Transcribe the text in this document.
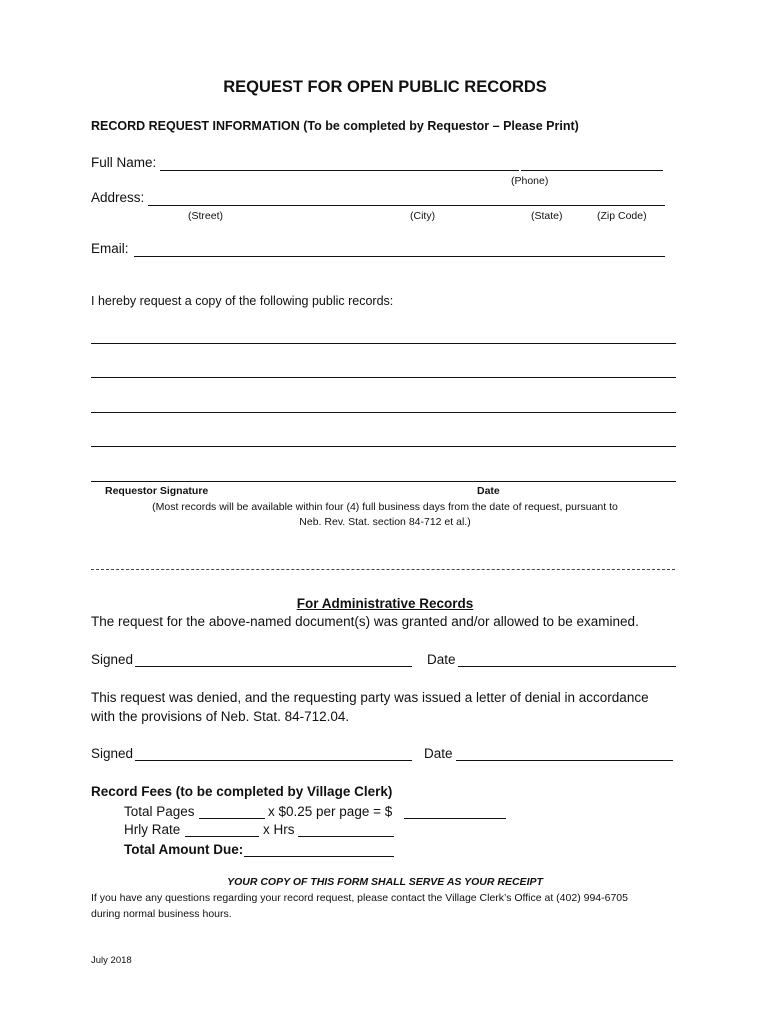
REQUEST FOR OPEN PUBLIC RECORDS
RECORD REQUEST INFORMATION (To be completed by Requestor – Please Print)
Full Name:
(Phone)
Address:
(Street)	(City)	(State)	(Zip Code)
Email:
I hereby request a copy of the following public records:
Requestor Signature	Date
(Most records will be available within four (4) full business days from the date of request, pursuant to
Neb. Rev. Stat. section 84-712 et al.)
For Administrative Records
The request for the above-named document(s) was granted and/or allowed to be examined.
Signed	Date
This request was denied, and the requesting party was issued a letter of denial in accordance
with the provisions of Neb. Stat. 84-712.04.
Signed	Date
Record Fees (to be completed by Village Clerk)
Total Pages	x $0.25 per page = $
Hrly Rate	x Hrs
Total Amount Due:
YOUR COPY OF THIS FORM SHALL SERVE AS YOUR RECEIPT
If you have any questions regarding your record request, please contact the Village Clerk’s Office at (402) 994-6705
during normal business hours.
July 2018
